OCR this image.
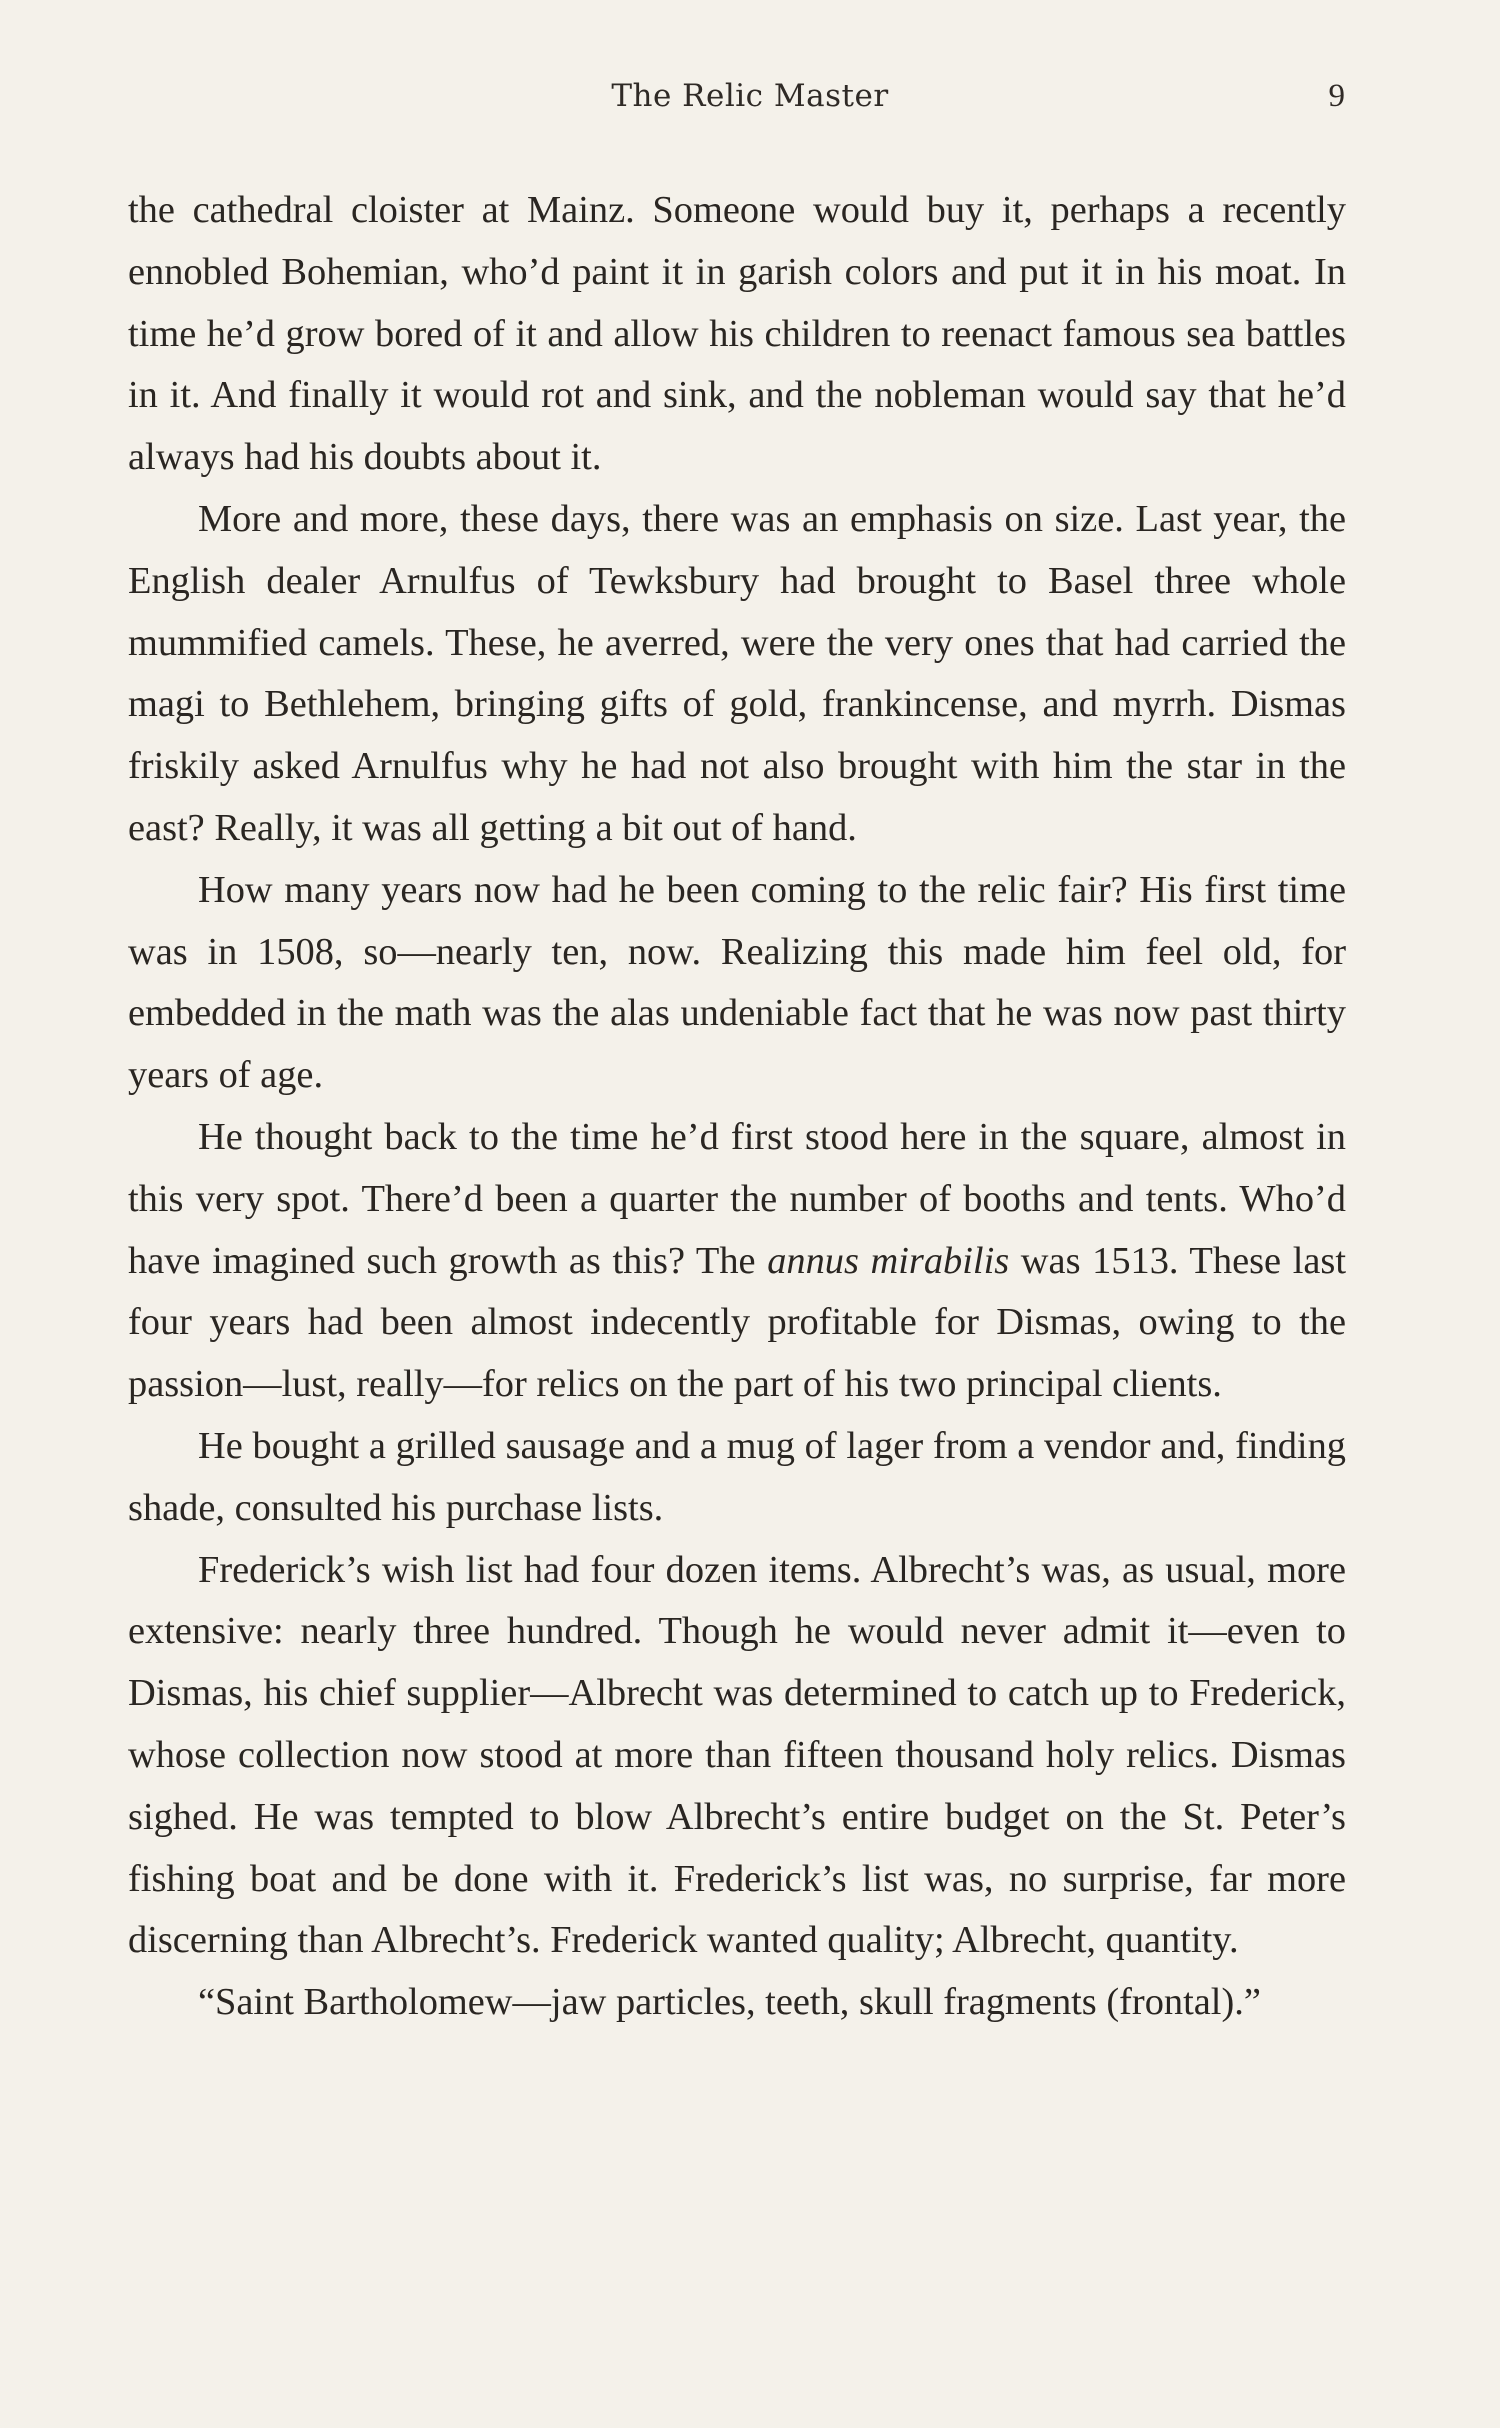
The Relic Master	9

the cathedral cloister at Mainz. Someone would buy it, perhaps a recently ennobled Bohemian, who’d paint it in garish colors and put it in his moat. In time he’d grow bored of it and allow his children to reenact famous sea battles in it. And finally it would rot and sink, and the nobleman would say that he’d always had his doubts about it.

More and more, these days, there was an emphasis on size. Last year, the English dealer Arnulfus of Tewksbury had brought to Basel three whole mummified camels. These, he averred, were the very ones that had carried the magi to Bethlehem, bringing gifts of gold, frankincense, and myrrh. Dismas friskily asked Arnulfus why he had not also brought with him the star in the east? Really, it was all getting a bit out of hand.

How many years now had he been coming to the relic fair? His first time was in 1508, so—nearly ten, now. Realizing this made him feel old, for embedded in the math was the alas undeniable fact that he was now past thirty years of age.

He thought back to the time he’d first stood here in the square, almost in this very spot. There’d been a quarter the number of booths and tents. Who’d have imagined such growth as this? The annus mirabilis was 1513. These last four years had been almost indecently profitable for Dismas, owing to the passion—lust, really—for relics on the part of his two principal clients.

He bought a grilled sausage and a mug of lager from a vendor and, finding shade, consulted his purchase lists.

Frederick’s wish list had four dozen items. Albrecht’s was, as usual, more extensive: nearly three hundred. Though he would never admit it—even to Dismas, his chief supplier—Albrecht was determined to catch up to Frederick, whose collection now stood at more than fifteen thousand holy relics. Dismas sighed. He was tempted to blow Albrecht’s entire budget on the St. Peter’s fishing boat and be done with it. Frederick’s list was, no surprise, far more discerning than Albrecht’s. Frederick wanted quality; Albrecht, quantity.

“Saint Bartholomew—jaw particles, teeth, skull fragments (frontal).”
